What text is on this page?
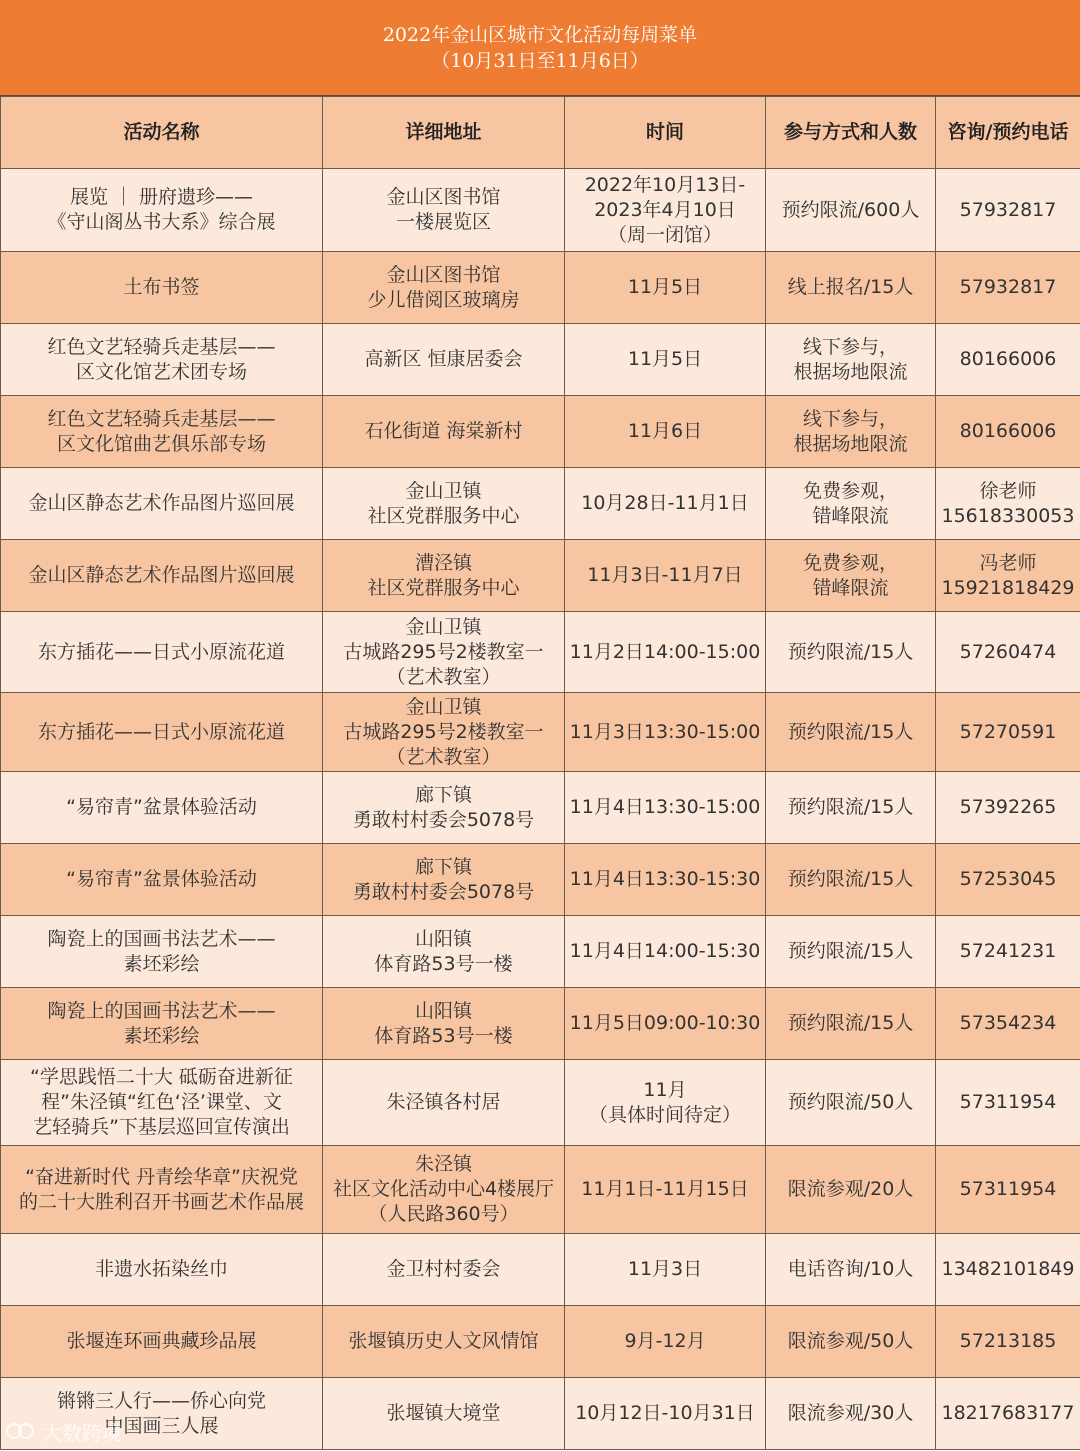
2022年金山区城市文化活动每周菜单
（10月31日至11月6日）
活动名称	详细地址	时间	参与方式和人数	咨询/预约电话

展览 ｜ 册府遗珍——
《守山阁丛书大系》综合展	金山区图书馆
一楼展览区	2022年10月13日-
2023年4月10日
（周一闭馆）	预约限流/600人	57932817

土布书签	金山区图书馆
少儿借阅区玻璃房	11月5日	线上报名/15人	57932817

红色文艺轻骑兵走基层——
区文化馆艺术团专场	高新区 恒康居委会	11月5日	线下参与，
根据场地限流	80166006

红色文艺轻骑兵走基层——
区文化馆曲艺俱乐部专场	石化街道 海棠新村	11月6日	线下参与，
根据场地限流	80166006

金山区静态艺术作品图片巡回展	金山卫镇
社区党群服务中心	10月28日-11月1日	免费参观，
错峰限流	徐老师
15618330053

金山区静态艺术作品图片巡回展	漕泾镇
社区党群服务中心	11月3日-11月7日	免费参观，
错峰限流	冯老师
15921818429

东方插花——日式小原流花道	金山卫镇
古城路295号2楼教室一
（艺术教室）	11月2日14:00-15:00	预约限流/15人	57260474

东方插花——日式小原流花道	金山卫镇
古城路295号2楼教室一
（艺术教室）	11月3日13:30-15:00	预约限流/15人	57270591

“易帘青”盆景体验活动	廊下镇
勇敢村村委会5078号	11月4日13:30-15:00	预约限流/15人	57392265

“易帘青”盆景体验活动	廊下镇
勇敢村村委会5078号	11月4日13:30-15:30	预约限流/15人	57253045

陶瓷上的国画书法艺术——
素坯彩绘	山阳镇
体育路53号一楼	11月4日14:00-15:30	预约限流/15人	57241231

陶瓷上的国画书法艺术——
素坯彩绘	山阳镇
体育路53号一楼	11月5日09:00-10:30	预约限流/15人	57354234

“学思践悟二十大 砥砺奋进新征
程”朱泾镇“红色‘泾’课堂、文
艺轻骑兵”下基层巡回宣传演出	朱泾镇各村居	11月
（具体时间待定）	预约限流/50人	57311954

“奋进新时代 丹青绘华章”庆祝党
的二十大胜利召开书画艺术作品展	朱泾镇
社区文化活动中心4楼展厅
（人民路360号）	11月1日-11月15日	限流参观/20人	57311954

非遗水拓染丝巾	金卫村村委会	11月3日	电话咨询/10人	13482101849

张堰连环画典藏珍品展	张堰镇历史人文风情馆	9月-12月	限流参观/50人	57213185

锵锵三人行——侨心向党
中国画三人展	张堰镇大境堂	10月12日-10月31日	限流参观/30人	18217683177
大数跨境
